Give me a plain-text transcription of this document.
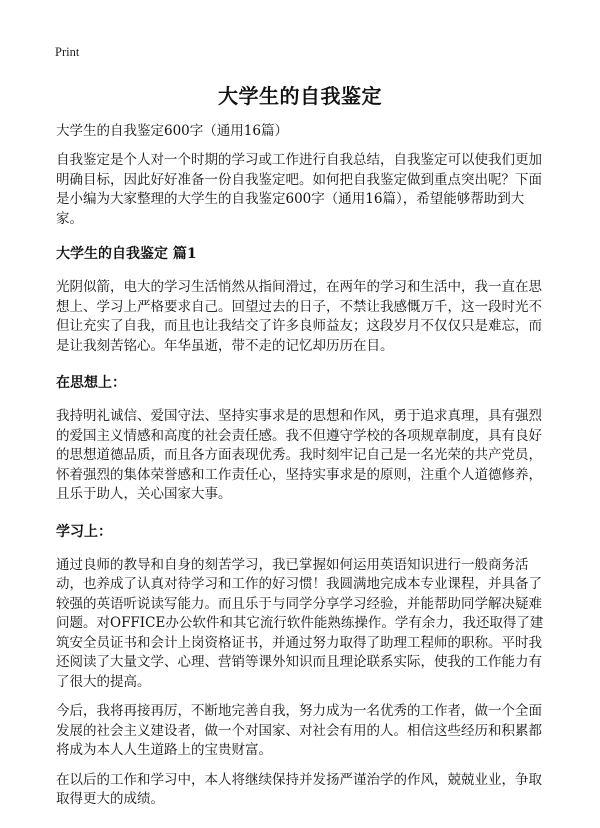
Print
大学生的自我鉴定
大学生的自我鉴定600字（通用16篇）

自我鉴定是个人对一个时期的学习或工作进行自我总结，自我鉴定可以使我们更加明确目标，因此好好准备一份自我鉴定吧。如何把自我鉴定做到重点突出呢？下面是小编为大家整理的大学生的自我鉴定600字（通用16篇），希望能够帮助到大家。

大学生的自我鉴定 篇1

光阴似箭，电大的学习生活悄然从指间滑过，在两年的学习和生活中，我一直在思想上、学习上严格要求自己。回望过去的日子，不禁让我感慨万千，这一段时光不但让充实了自我，而且也让我结交了许多良师益友；这段岁月不仅仅只是难忘，而是让我刻苦铭心。年华虽逝，带不走的记忆却历历在目。

在思想上：

我持明礼诚信、爱国守法、坚持实事求是的思想和作风，勇于追求真理，具有强烈的爱国主义情感和高度的社会责任感。我不但遵守学校的各项规章制度，具有良好的思想道德品质，而且各方面表现优秀。我时刻牢记自己是一名光荣的共产党员，怀着强烈的集体荣誉感和工作责任心，坚持实事求是的原则，注重个人道德修养，且乐于助人，关心国家大事。

学习上：

通过良师的教导和自身的刻苦学习，我已掌握如何运用英语知识进行一般商务活动，也养成了认真对待学习和工作的好习惯！我圆满地完成本专业课程，并具备了较强的英语听说读写能力。而且乐于与同学分享学习经验，并能帮助同学解决疑难问题。对OFFICE办公软件和其它流行软件能熟练操作。学有余力，我还取得了建筑安全员证书和会计上岗资格证书，并通过努力取得了助理工程师的职称。平时我还阅读了大量文学、心理、营销等课外知识而且理论联系实际，使我的工作能力有了很大的提高。

今后，我将再接再厉，不断地完善自我，努力成为一名优秀的工作者，做一个全面发展的社会主义建设者，做一个对国家、对社会有用的人。相信这些经历和积累都将成为本人人生道路上的宝贵财富。

在以后的工作和学习中，本人将继续保持并发扬严谨治学的作风，兢兢业业，争取取得更大的成绩。
